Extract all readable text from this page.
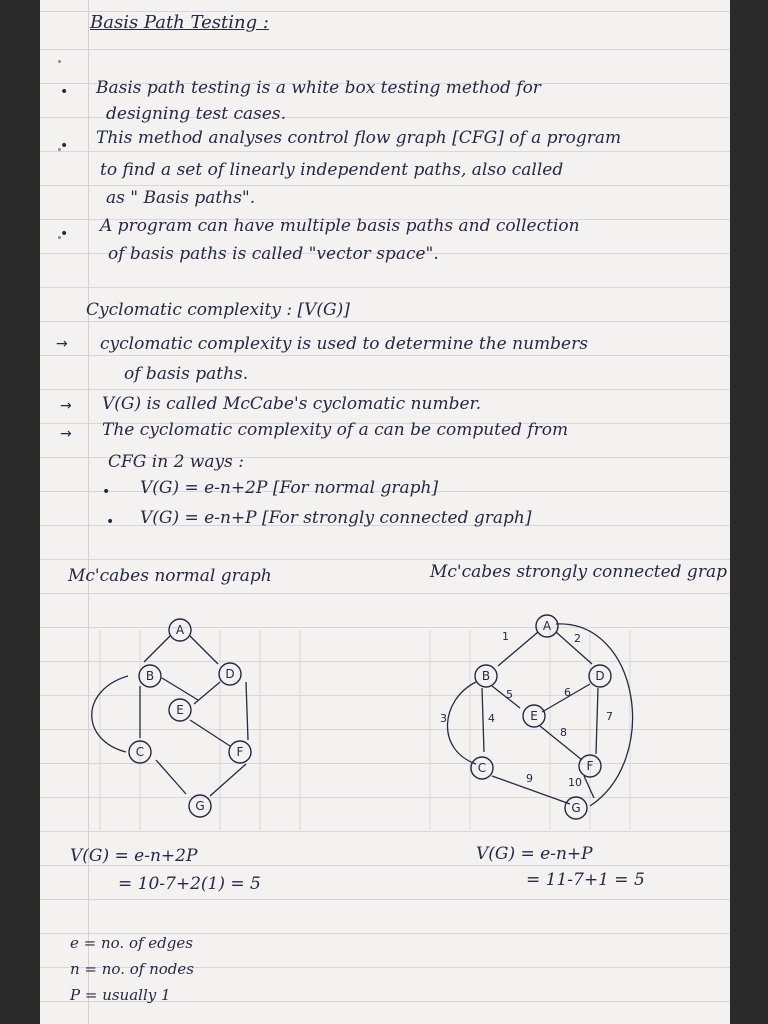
Basis Path Testing :
• Basis path testing is a white box testing method for
designing test cases.
• This method analyses control flow graph [CFG] of a program
to find a set of linearly independent paths, also called
as " Basis paths".
• A program can have multiple basis paths and collection
of basis paths is called "vector space".
Cyclomatic complexity : [V(G)]
→ cyclomatic complexity is used to determine the numbers
of basis paths.
→ V(G) is called McCabe's cyclomatic number.
→ The cyclomatic complexity of a can be computed from
CFG in 2 ways :
• V(G) = e-n+2P [For normal graph]
• V(G) = e-n+P [For strongly connected graph]
Mc'cabes normal graph	Mc'cabes strongly connected grap
A
B	D
E
C	F
G
1	2
3	4
5	6
7
8
9	10
A
B	D
E
C	F
G
V(G) = e-n+2P
= 10-7+2(1) = 5
V(G) = e-n+P
= 11-7+1 = 5
e = no. of edges
n = no. of nodes
P = usually 1
